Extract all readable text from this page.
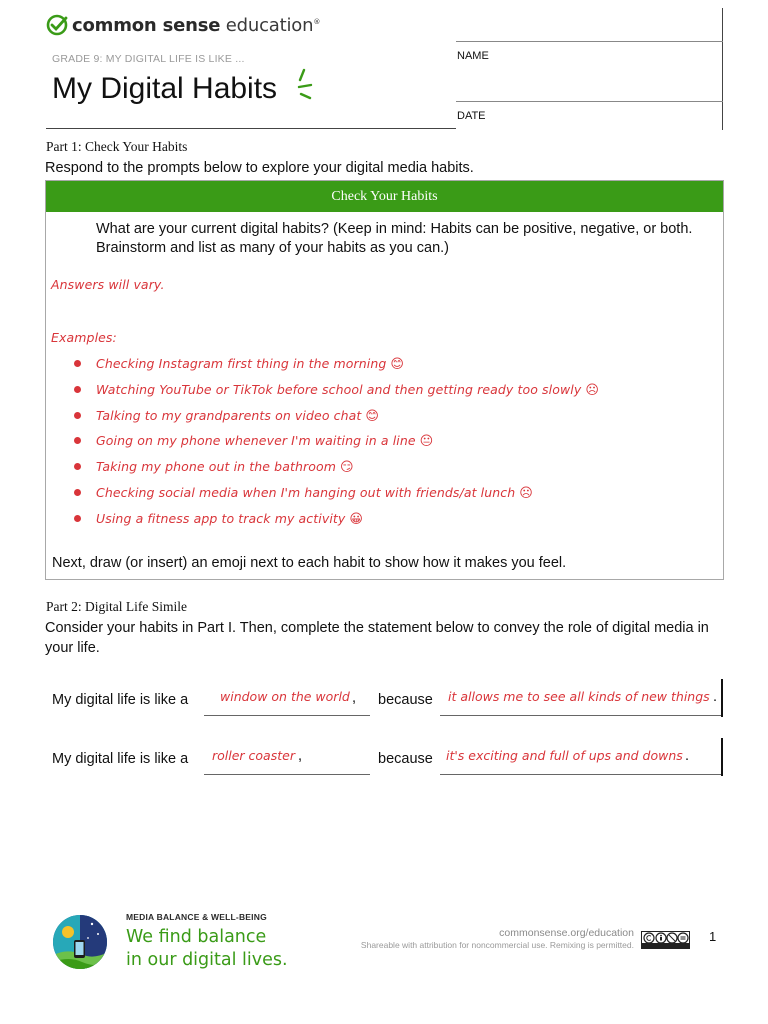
common sense education®
GRADE 9: MY DIGITAL LIFE IS LIKE ...
My Digital Habits
NAME
DATE
Part 1: Check Your Habits
Respond to the prompts below to explore your digital media habits.
Check Your Habits
What are your current digital habits? (Keep in mind: Habits can be positive, negative, or both. Brainstorm and list as many of your habits as you can.)
Answers will vary.
Examples:
Checking Instagram first thing in the morning 😊
Watching YouTube or TikTok before school and then getting ready too slowly ☹
Talking to my grandparents on video chat 😊
Going on my phone whenever I'm waiting in a line 😐
Taking my phone out in the bathroom 😏
Checking social media when I'm hanging out with friends/at lunch ☹
Using a fitness app to track my activity 😀
Next, draw (or insert) an emoji next to each habit to show how it makes you feel.
Part 2: Digital Life Simile
Consider your habits in Part I. Then, complete the statement below to convey the role of digital media in your life.
My digital life is like a	window on the world , because it allows me to see all kinds of new things .
My digital life is like a roller coaster ,	because it's exciting and full of ups and downs .
MEDIA BALANCE & WELL-BEING
We find balance
in our digital lives.
commonsense.org/education
Shareable with attribution for noncommercial use. Remixing is permitted.
1
